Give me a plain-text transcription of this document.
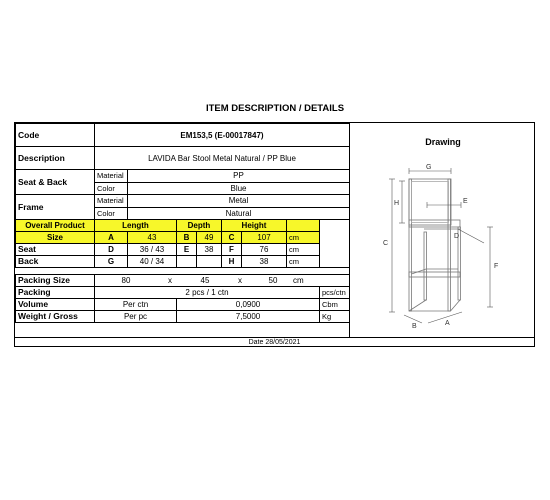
ITEM DESCRIPTION / DETAILS
Code	EM153,5 (E-00017847)							
Description	LAVIDA Bar Stool Metal Natural / PP Blue							
Seat & Back	Material	PP						
	Color	Blue						
Frame	Material	Metal						
	Color	Natural						
Overall Product	Length		Depth		Height			
Size	A	43	B	49	C	107	cm	
Seat	D	36 / 43	E	38	F	76	cm	
Back	G	40 / 34			H	38	cm	

Packing Size	80 x 45 x 50 cm							
Packing	2 pcs / 1 ctn							pcs/ctn
Volume	Per ctn		0,0900					Cbm
Weight / Gross	Per pc		7,5000					Kg
Drawing
G
H	E
D
C
F
B	A
Date 28/05/2021
